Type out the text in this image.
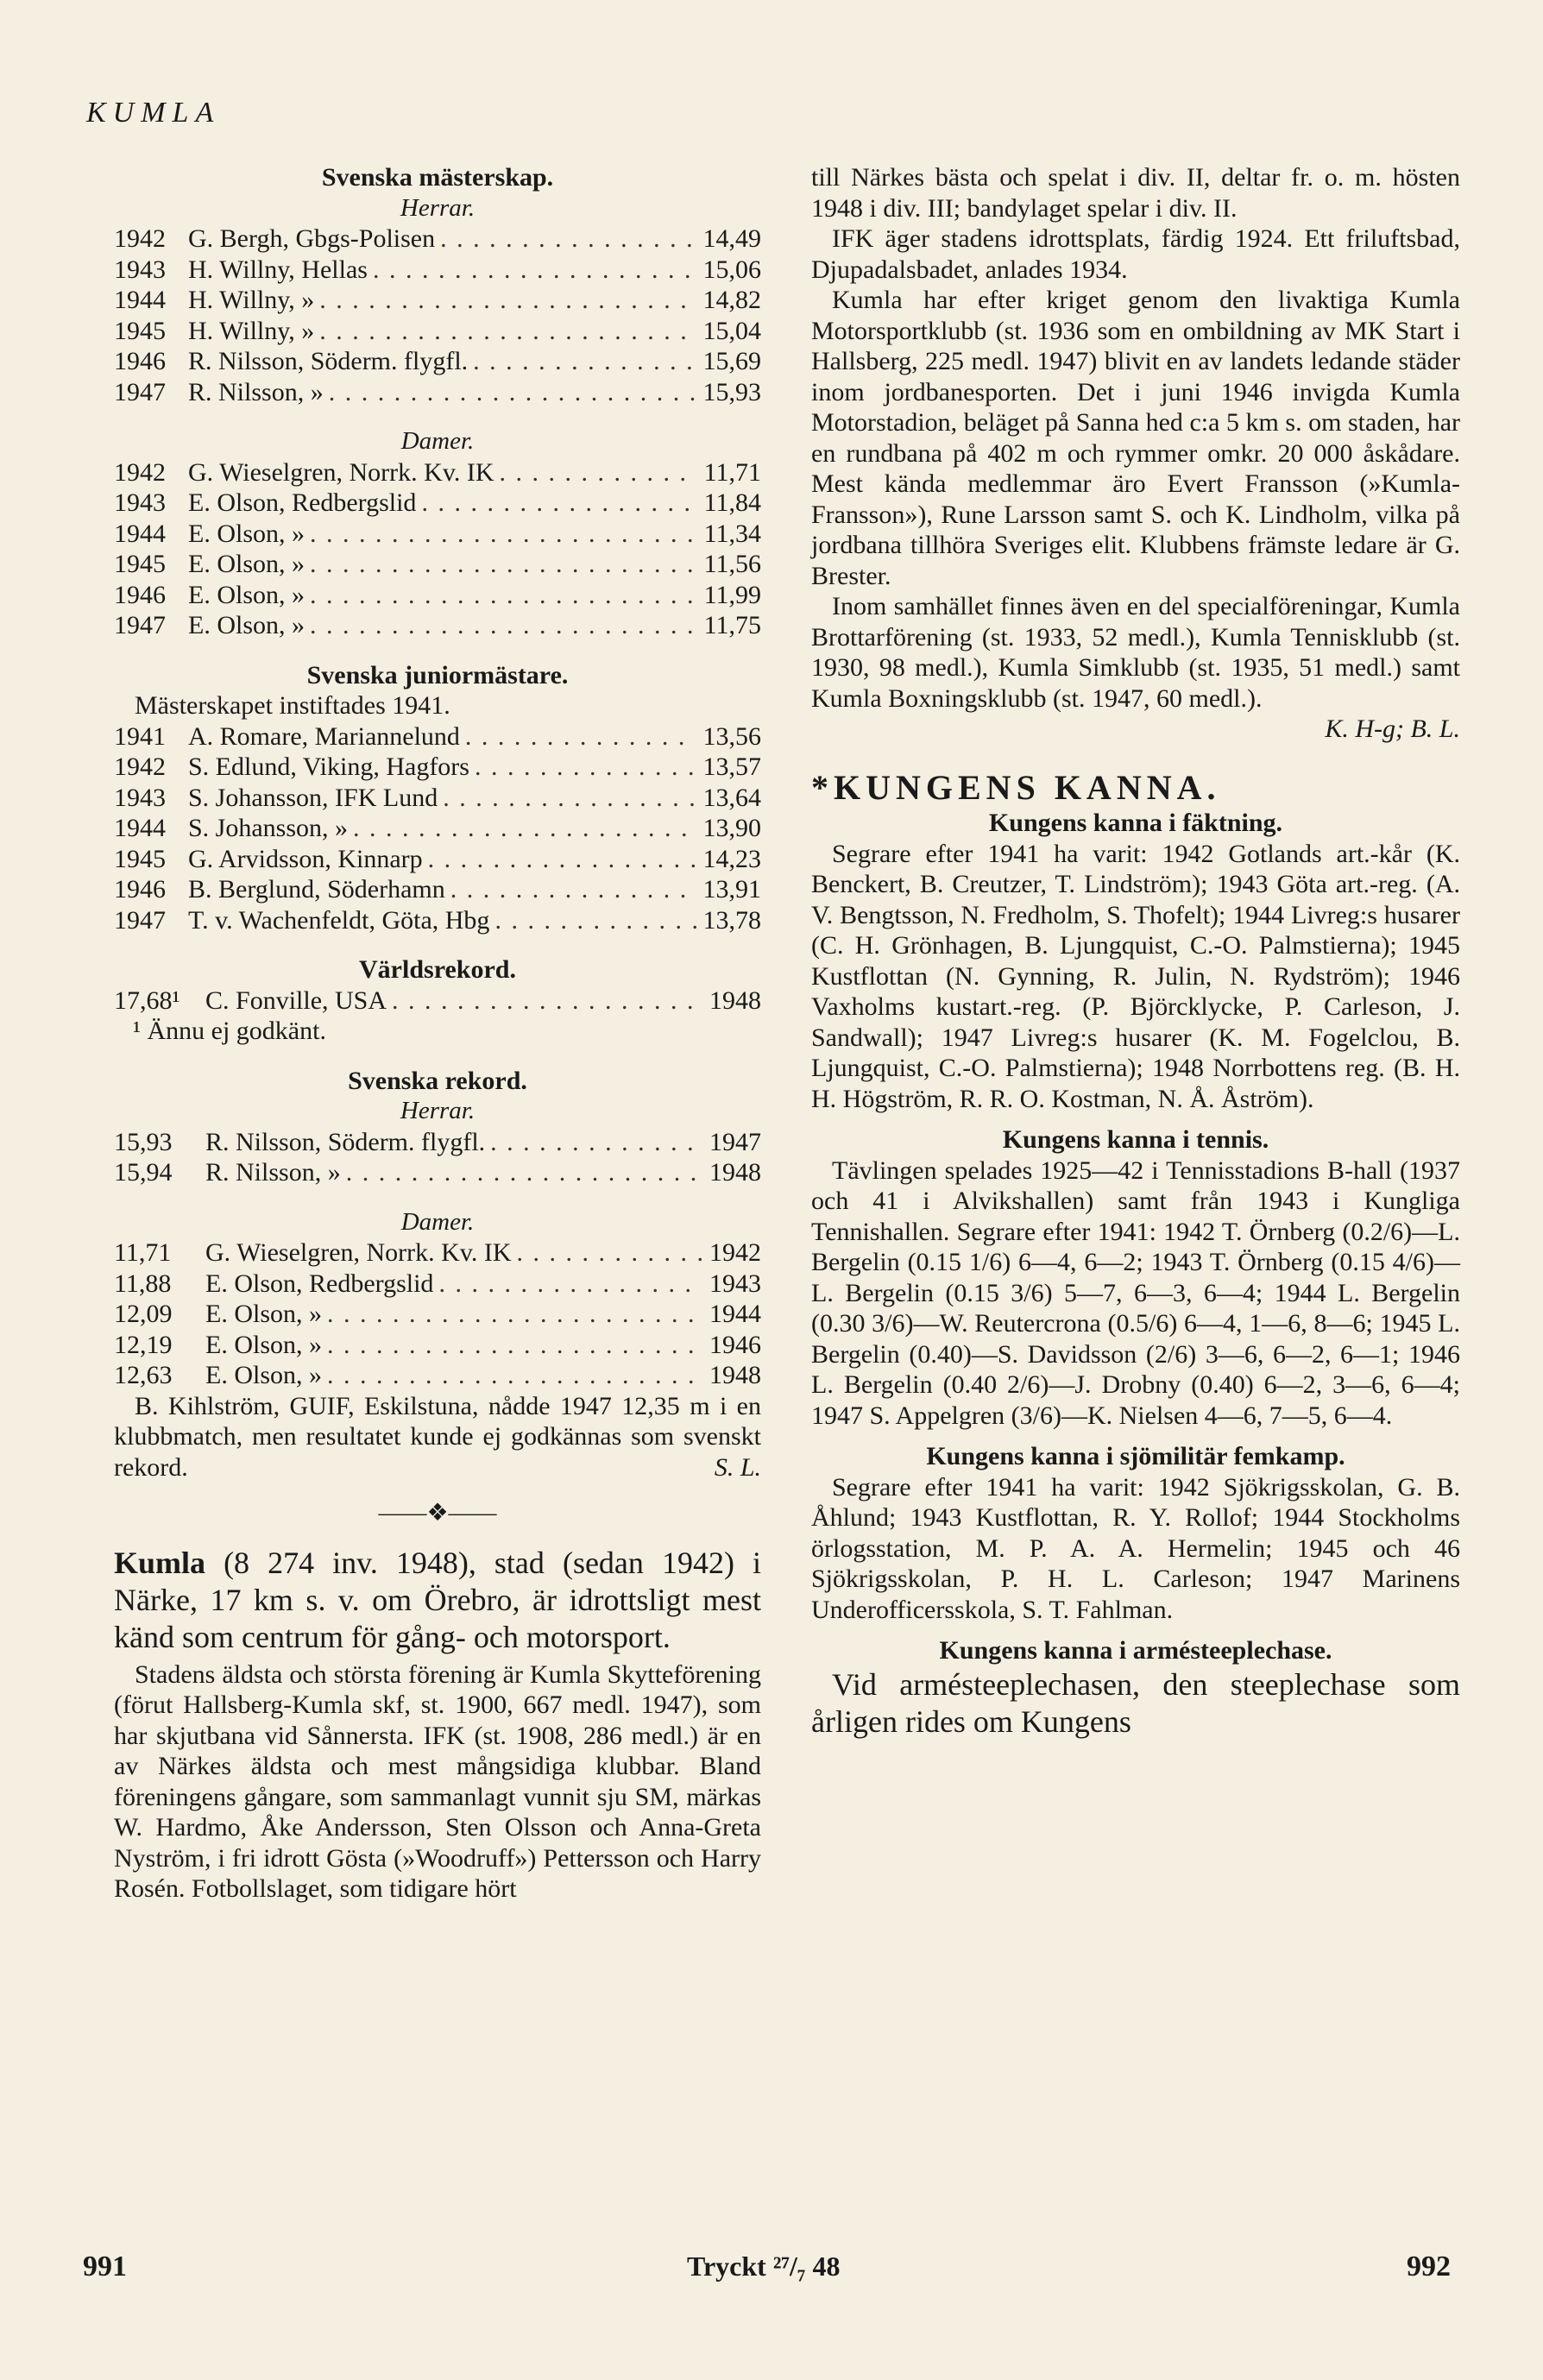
KUMLA

Svenska mästerskap.

Herrar.

1942 G. Bergh, Gbgs-Polisen . . .	14,49
1943 H. Willny, Hellas . . .	15,06
1944 H. Willny, » . . .	14,82
1945 H. Willny, » . . .	15,04
1946 R. Nilsson, Söderm. flygfl. . . .	15,69
1947 R. Nilsson, » . . .	15,93

Damer.

1942 G. Wieselgren, Norrk. Kv. IK . . .	11,71
1943 E. Olson, Redbergslid . . .	11,84
1944 E. Olson, » . . .	11,34
1945 E. Olson, » . . .	11,56
1946 E. Olson, » . . .	11,99
1947 E. Olson, » . . .	11,75

Svenska juniormästare.

Mästerskapet instiftades 1941.

1941 A. Romare, Mariannelund . . .	13,56
1942 S. Edlund, Viking, Hagfors . . .	13,57
1943 S. Johansson, IFK Lund . . .	13,64
1944 S. Johansson, » . . .	13,90
1945 G. Arvidsson, Kinnarp . . .	14,23
1946 B. Berglund, Söderhamn . . .	13,91
1947 T. v. Wachenfeldt, Göta, Hbg . . .	13,78

Världsrekord.

17,68¹ C. Fonville, USA . . .	1948

¹ Ännu ej godkänt.

Svenska rekord.

Herrar.

15,93	R. Nilsson, Söderm. flygfl. . . .	1947
15,94	R. Nilsson, » . . .	1948

Damer.

11,71	G. Wieselgren, Norrk. Kv. IK . . .	1942
11,88	E. Olson, Redbergslid . . .	1943
12,09	E. Olson, » . . .	1944
12,19	E. Olson, » . . .	1946
12,63	E. Olson, » . . .	1948

B. Kihlström, GUIF, Eskilstuna, nådde 1947 12,35 m i en klubbmatch, men resultatet kunde ej godkännas som svenskt rekord.	S. L.

——❖——

Kumla (8 274 inv. 1948), stad (sedan 1942) i Närke, 17 km s. v. om Örebro, är idrottsligt mest känd som centrum för gång- och motorsport.

Stadens äldsta och största förening är Kumla Skytteförening (förut Hallsberg-Kumla skf, st. 1900, 667 medl. 1947), som har skjutbana vid Sånnersta. IFK (st. 1908, 286 medl.) är en av Närkes äldsta och mest mångsidiga klubbar. Bland föreningens gångare, som sammanlagt vunnit sju SM, märkas W. Hardmo, Åke Andersson, Sten Olsson och Anna-Greta Nyström, i fri idrott Gösta (»Woodruff») Pettersson och Harry Rosén. Fotbollslaget, som tidigare hört

till Närkes bästa och spelat i div. II, deltar fr. o. m. hösten 1948 i div. III; bandylaget spelar i div. II.

IFK äger stadens idrottsplats, färdig 1924. Ett friluftsbad, Djupadalsbadet, anlades 1934.

Kumla har efter kriget genom den livaktiga Kumla Motorsportklubb (st. 1936 som en ombildning av MK Start i Hallsberg, 225 medl. 1947) blivit en av landets ledande städer inom jordbanesporten. Det i juni 1946 invigda Kumla Motorstadion, beläget på Sanna hed c:a 5 km s. om staden, har en rundbana på 402 m och rymmer omkr. 20 000 åskådare. Mest kända medlemmar äro Evert Fransson (»Kumla-Fransson»), Rune Larsson samt S. och K. Lindholm, vilka på jordbana tillhöra Sveriges elit. Klubbens främste ledare är G. Brester.

Inom samhället finnes även en del specialföreningar, Kumla Brottarförening (st. 1933, 52 medl.), Kumla Tennisklubb (st. 1930, 98 medl.), Kumla Simklubb (st. 1935, 51 medl.) samt Kumla Boxningsklubb (st. 1947, 60 medl.).

K. H-g; B. L.

*KUNGENS KANNA.

Kungens kanna i fäktning.

Segrare efter 1941 ha varit: 1942 Gotlands art.-kår (K. Benckert, B. Creutzer, T. Lindström); 1943 Göta art.-reg. (A. V. Bengtsson, N. Fredholm, S. Thofelt); 1944 Livreg:s husarer (C. H. Grönhagen, B. Ljungquist, C.-O. Palmstierna); 1945 Kustflottan (N. Gynning, R. Julin, N. Rydström); 1946 Vaxholms kustart.-reg. (P. Björcklycke, P. Carleson, J. Sandwall); 1947 Livreg:s husarer (K. M. Fogelclou, B. Ljungquist, C.-O. Palmstierna); 1948 Norrbottens reg. (B. H. H. Högström, R. R. O. Kostman, N. Å. Åström).

Kungens kanna i tennis.

Tävlingen spelades 1925—42 i Tennisstadions B-hall (1937 och 41 i Alvikshallen) samt från 1943 i Kungliga Tennishallen. Segrare efter 1941: 1942 T. Örnberg (0.2/6)—L. Bergelin (0.15 1/6) 6—4, 6—2; 1943 T. Örnberg (0.15 4/6)—L. Bergelin (0.15 3/6) 5—7, 6—3, 6—4; 1944 L. Bergelin (0.30 3/6)—W. Reutercrona (0.5/6) 6—4, 1—6, 8—6; 1945 L. Bergelin (0.40)—S. Davidsson (2/6) 3—6, 6—2, 6—1; 1946 L. Bergelin (0.40 2/6)—J. Drobny (0.40) 6—2, 3—6, 6—4; 1947 S. Appelgren (3/6)—K. Nielsen 4—6, 7—5, 6—4.

Kungens kanna i sjömilitär femkamp.

Segrare efter 1941 ha varit: 1942 Sjökrigsskolan, G. B. Åhlund; 1943 Kustflottan, R. Y. Rollof; 1944 Stockholms örlogsstation, M. P. A. A. Hermelin; 1945 och 46 Sjökrigsskolan, P. H. L. Carleson; 1947 Marinens Underofficersskola, S. T. Fahlman.

Kungens kanna i armésteeplechase.

Vid armésteeplechasen, den steeplechase som årligen rides om Kungens

991	Tryckt ²⁷/₇ 48	992
